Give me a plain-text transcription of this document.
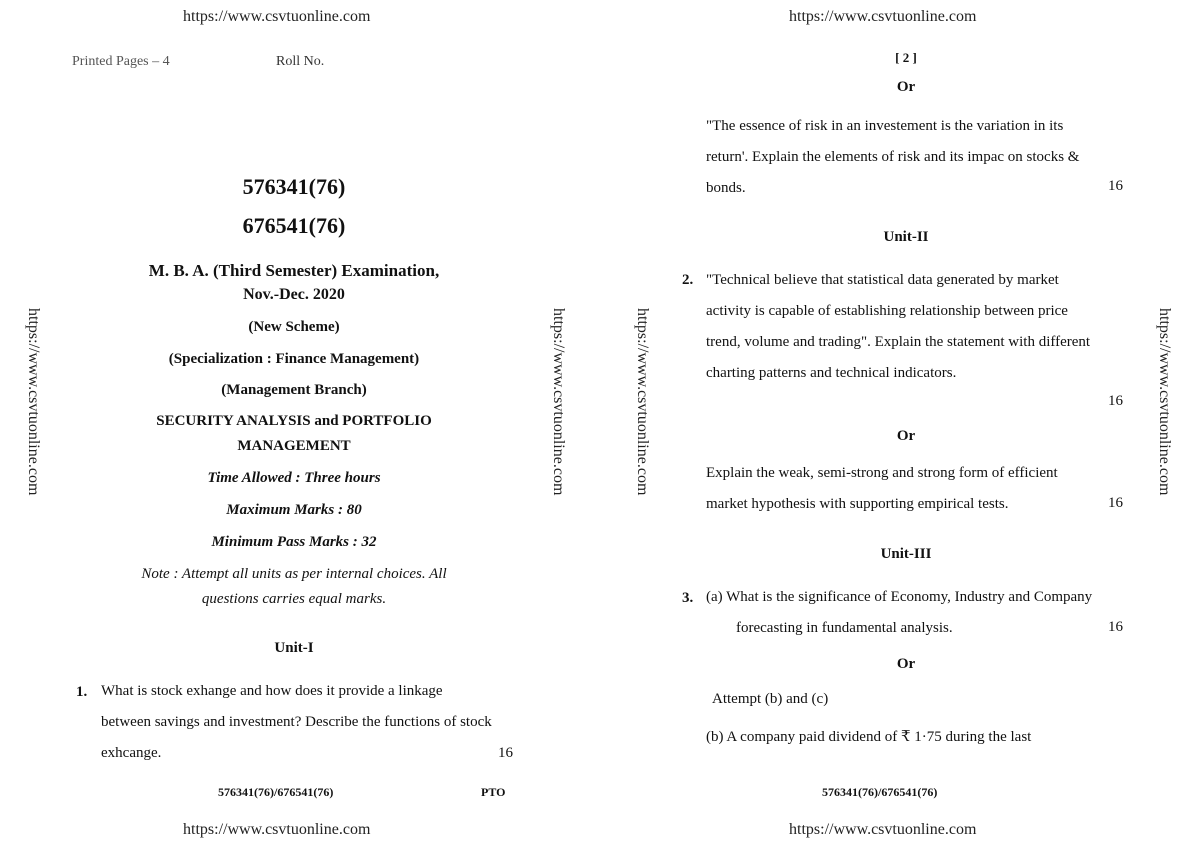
https://www.csvtuonline.com	https://www.csvtuonline.com
https://www.csvtuonline.com	https://www.csvtuonline.com
https://www.csvtuonline.com	https://www.csvtuonline.com	https://www.csvtuonline.com	https://www.csvtuonline.com
Printed Pages – 4	Roll No.
576341(76)
676541(76)
M. B. A. (Third Semester) Examination,
Nov.-Dec. 2020
(New Scheme)
(Specialization : Finance Management)
(Management Branch)
SECURITY ANALYSIS and PORTFOLIO
MANAGEMENT
Time Allowed : Three hours
Maximum Marks : 80
Minimum Pass Marks : 32
Note : Attempt all units as per internal choices. All
questions carries equal marks.
Unit-I
1. What is stock exhange and how does it provide a linkage between savings and investment? Describe the functions of stock exhcange.	16
576341(76)/676541(76)	PTO
[ 2 ]
Or
"The essence of risk in an investement is the variation in its return'. Explain the elements of risk and its impac on stocks & bonds.	16
Unit-II
2. "Technical believe that statistical data generated by market activity is capable of establishing relationship between price trend, volume and trading". Explain the statement with different charting patterns and technical indicators.
16
Or
Explain the weak, semi-strong and strong form of efficient market hypothesis with supporting empirical tests.	16
Unit-III
3. (a) What is the significance of Economy, Industry and Company forecasting in fundamental analysis.	16
Or
Attempt (b) and (c)
(b) A company paid dividend of ₹ 1·75 during the last
576341(76)/676541(76)
